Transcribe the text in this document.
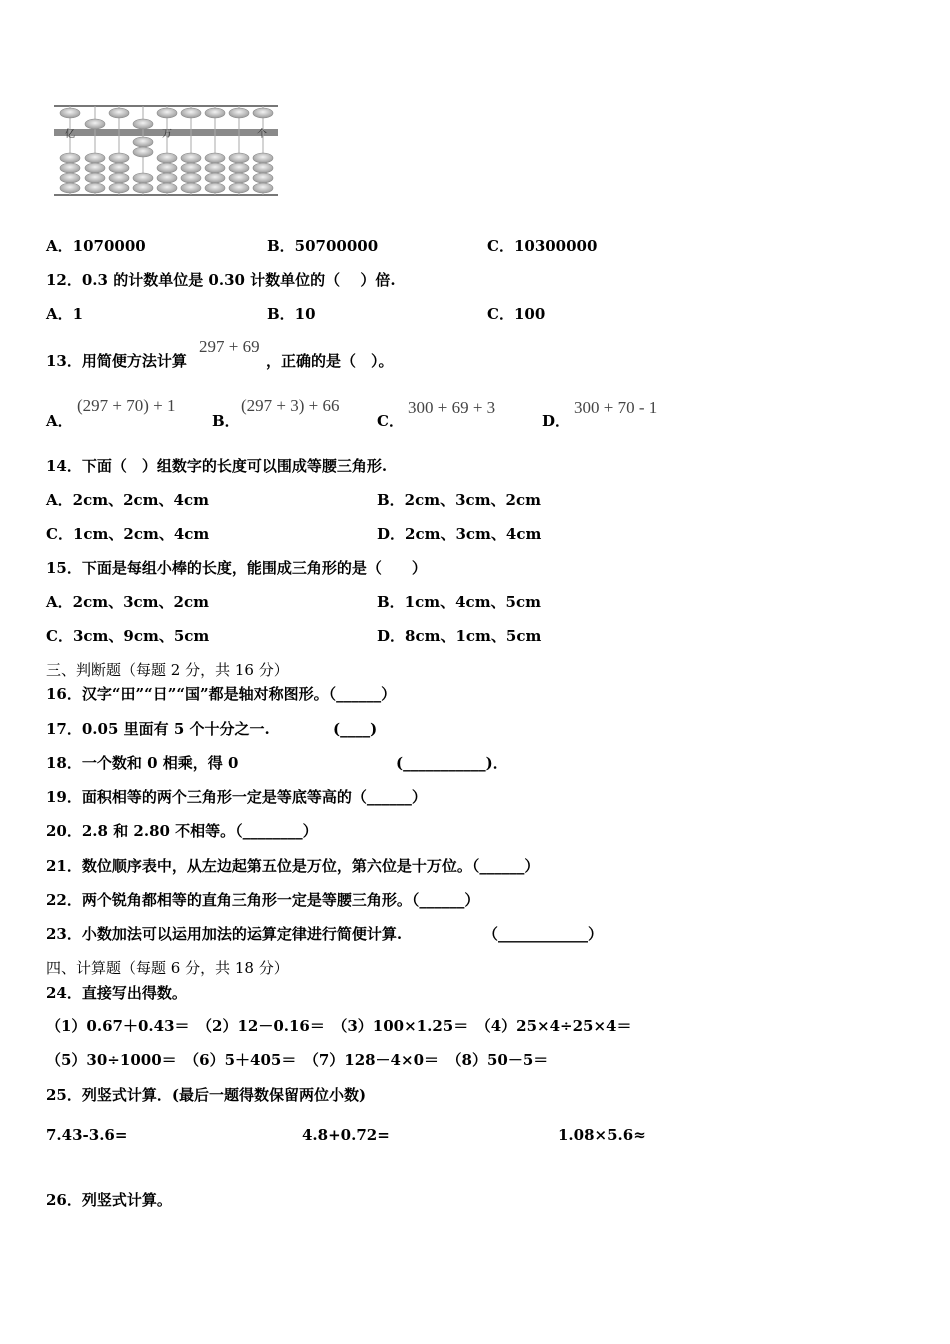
亿	万	个
A．1070000	B．50700000	C．10300000
12．0.3 的计数单位是 0.30 计数单位的（　 ）倍.
A．1	B．10	C．100
13．用简便方法计算
297 + 69
，正确的是（　）。
A．
(297 + 70) + 1
B．
(297 + 3) + 66
C．
300 + 69 + 3
D．
300 + 70 - 1
14．下面（　）组数字的长度可以围成等腰三角形.
A．2cm、2cm、4cm	B．2cm、3cm、2cm
C．1cm、2cm、4cm	D．2cm、3cm、4cm
15．下面是每组小棒的长度，能围成三角形的是（　　）
A．2cm、3cm、2cm	B．1cm、4cm、5cm
C．3cm、9cm、5cm	D．8cm、1cm、5cm
三、判断题（每题 2 分，共 16 分）
16．汉字“田”“日”“国”都是轴对称图形。（______）
17．0.05 里面有 5 个十分之一.	(____)
18．一个数和 0 相乘，得 0	(___________)．
19．面积相等的两个三角形一定是等底等高的（______）
20．2.8 和 2.80 不相等。（________）
21．数位顺序表中，从左边起第五位是万位，第六位是十万位。（______）
22．两个锐角都相等的直角三角形一定是等腰三角形。（______）
23．小数加法可以运用加法的运算定律进行简便计算.	（____________）
四、计算题（每题 6 分，共 18 分）
24．直接写出得数。
（1）0.67＋0.43＝　（2）12－0.16＝　（3）100×1.25＝　（4）25×4÷25×4＝
（5）30÷1000＝　（6）5＋405＝　（7）128－4×0＝　（8）50－5＝
25．列竖式计算．(最后一题得数保留两位小数)
7.43-3.6=	4.8+0.72=	1.08×5.6≈
26．列竖式计算。
